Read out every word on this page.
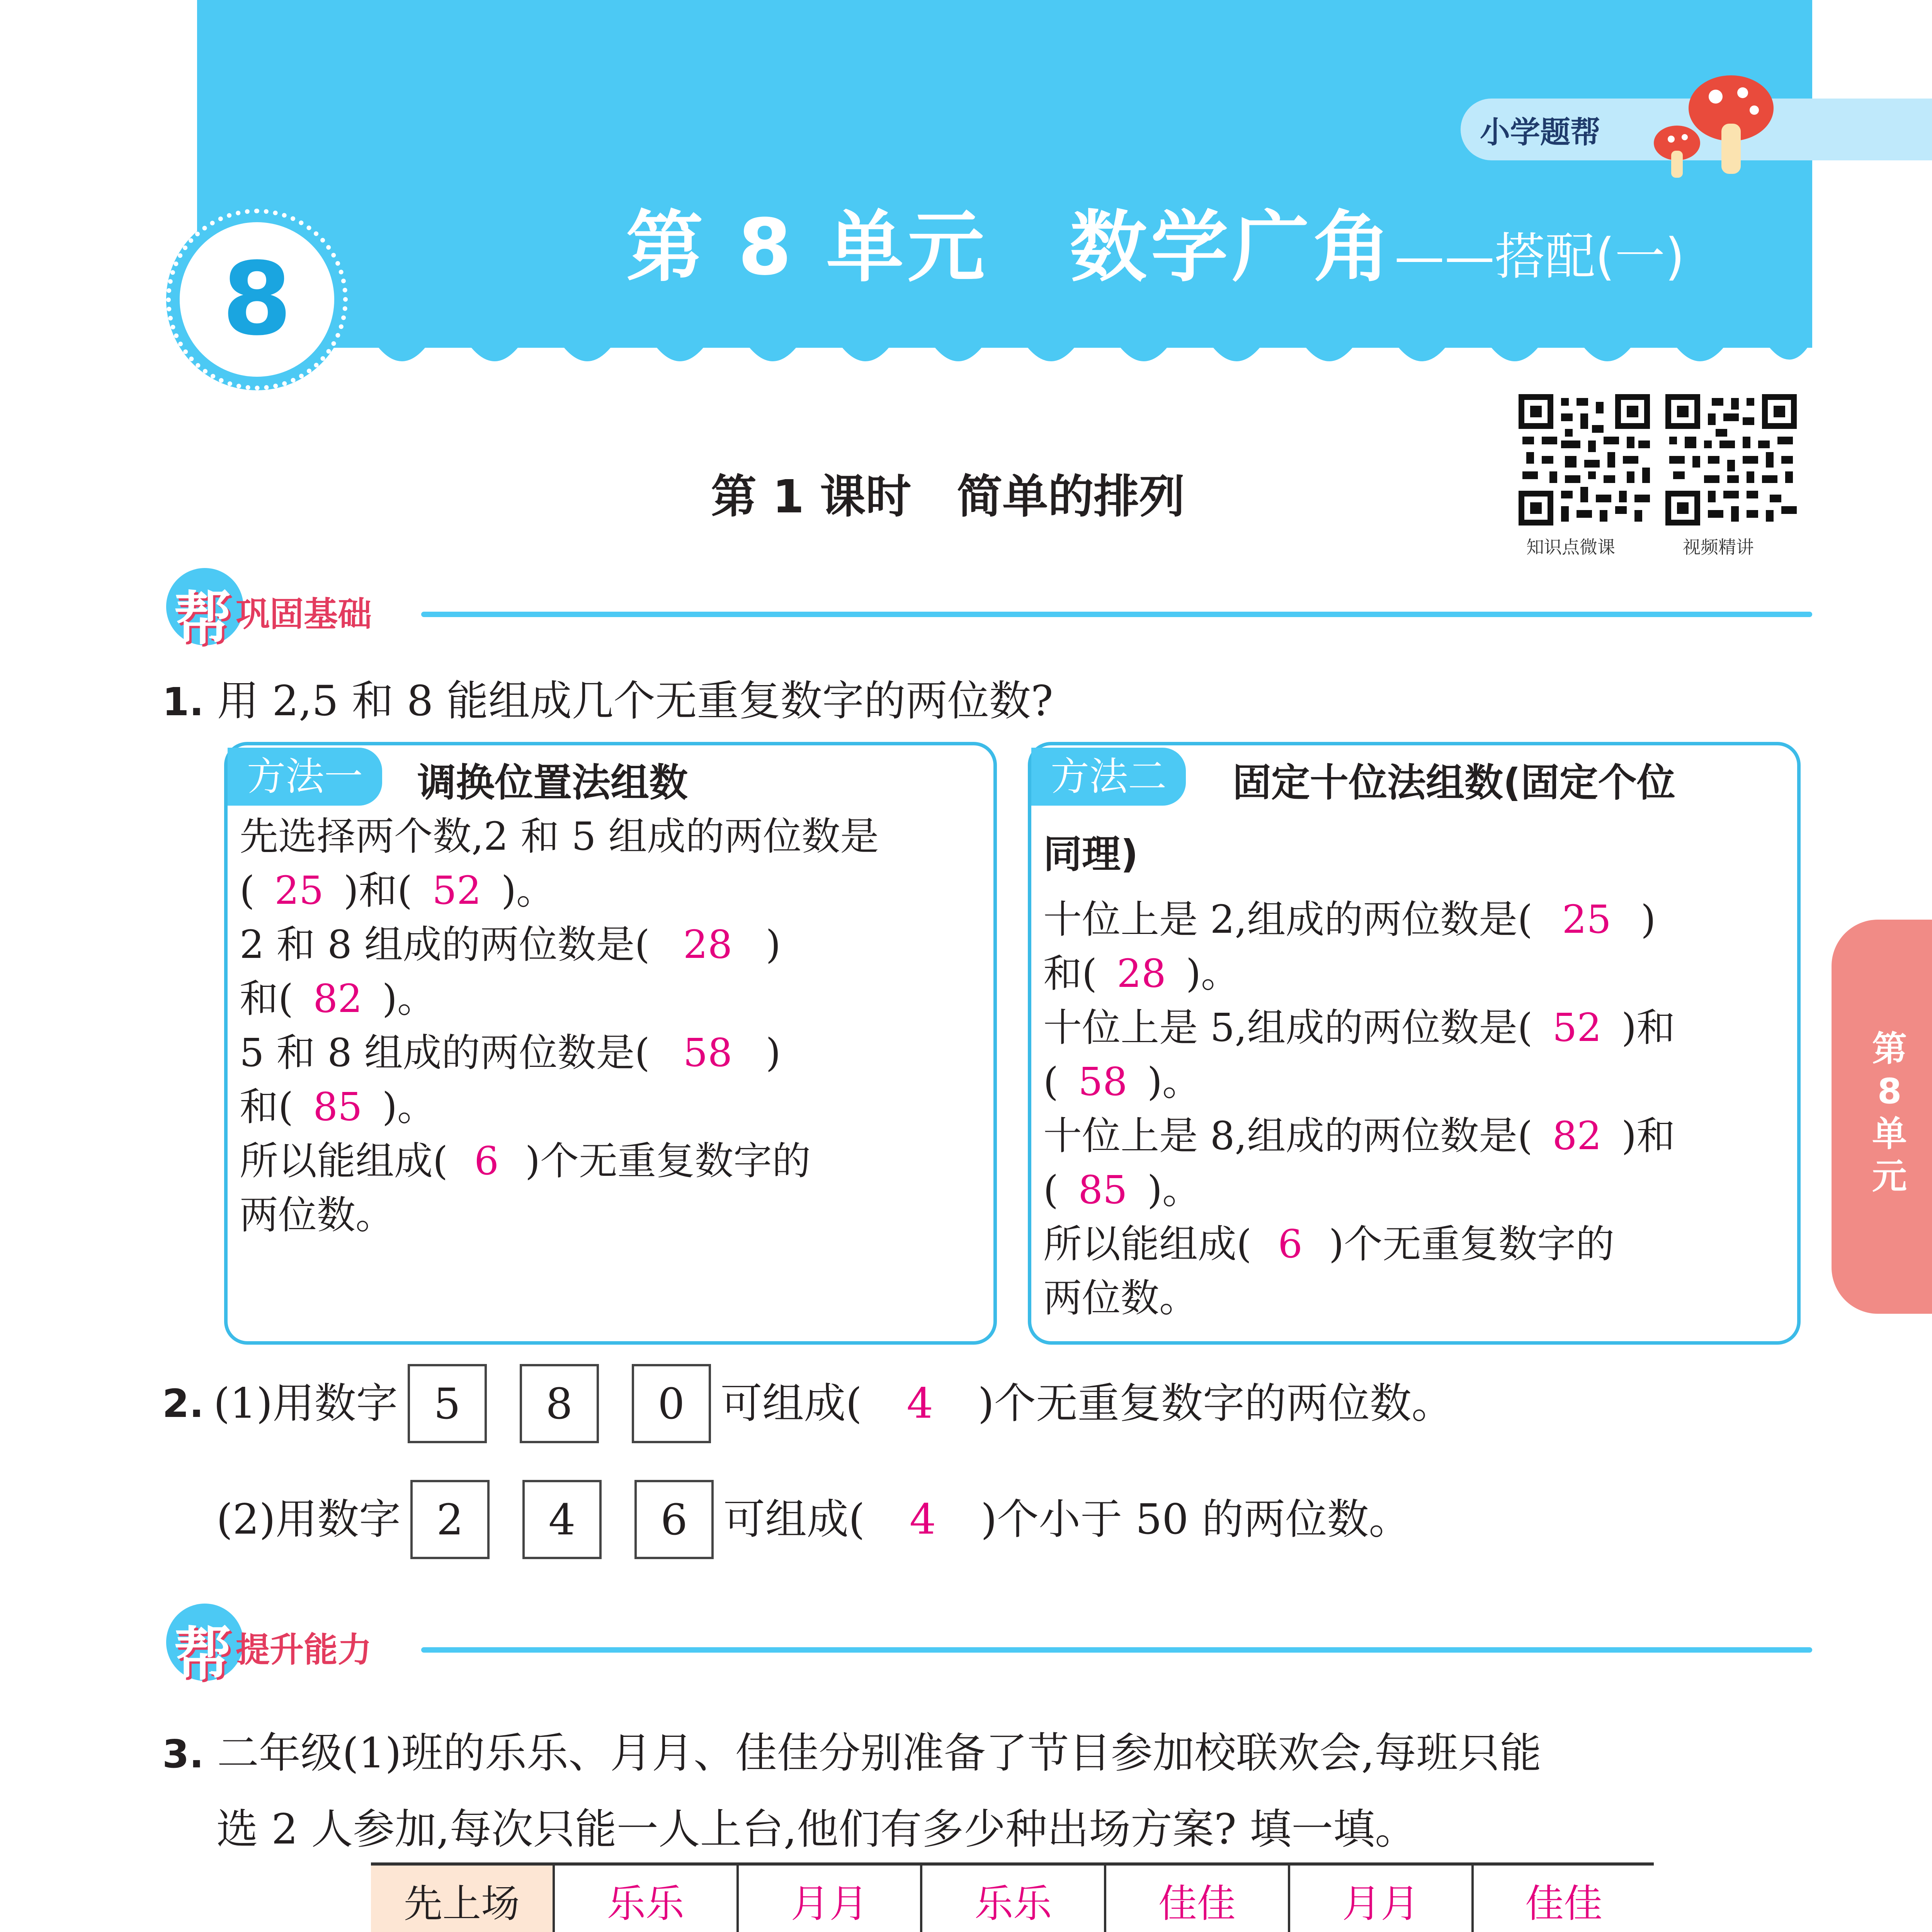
小学题帮
8	第 8 单元　数学广角——搭配(一)
第 1 课时　简单的排列
知识点微课	视频精讲
帮 巩固基础
1. 用 2,5 和 8 能组成几个无重复数字的两位数?
方法一	调换位置法组数
先选择两个数,2 和 5 组成的两位数是
( 25 )和( 52 )。
2 和 8 组成的两位数是( 28 )
和( 82 )。
5 和 8 组成的两位数是( 58 )
和( 85 )。
所以能组成( 6 )个无重复数字的
两位数。
方法二	固定十位法组数(固定个位
同理)
十位上是 2,组成的两位数是( 25 )
和( 28 )。
十位上是 5,组成的两位数是( 52 )和
( 58 )。
十位上是 8,组成的两位数是( 82 )和
( 85 )。
所以能组成( 6 )个无重复数字的
两位数。
2. (1)用数字 5	8	0 可组成( 4 )个无重复数字的两位数。
(2)用数字 2	4	6 可组成( 4 )个小于 50 的两位数。
帮 提升能力
3. 二年级(1)班的乐乐、月月、佳佳分别准备了节目参加校联欢会,每班只能
选 2 人参加,每次只能一人上台,他们有多少种出场方案? 填一填。
先上场	乐乐	月月	乐乐	佳佳	月月	佳佳

第8单元
